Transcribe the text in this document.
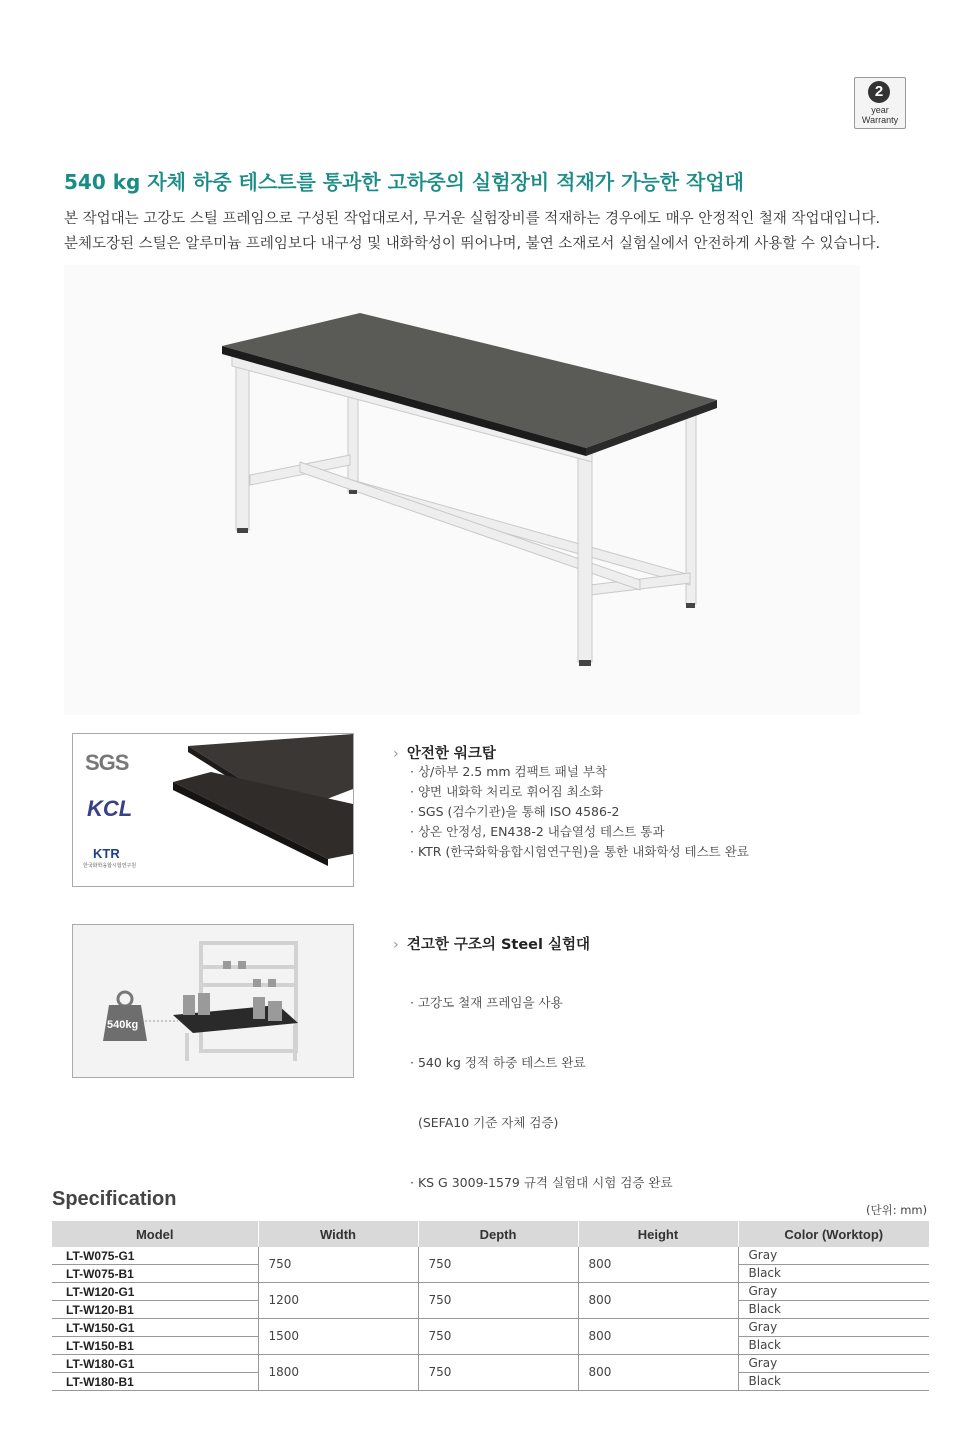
2
year
Warranty
540 kg 자체 하중 테스트를 통과한 고하중의 실험장비 적재가 가능한 작업대
본 작업대는 고강도 스틸 프레임으로 구성된 작업대로서, 무거운 실험장비를 적재하는 경우에도 매우 안정적인 철재 작업대입니다.
분체도장된 스틸은 알루미늄 프레임보다 내구성 및 내화학성이 뛰어나며, 불연 소재로서 실험실에서 안전하게 사용할 수 있습니다.
SGS
KCL
KTR
한국화학융합시험연구원
› 안전한 워크탑
· 상/하부 2.5 mm 컴팩트 패널 부착
· 양면 내화학 처리로 휘어짐 최소화
· SGS (검수기관)을 통해 ISO 4586-2
· 상온 안정성, EN438-2 내습열성 테스트 통과
· KTR (한국화학융합시험연구원)을 통한 내화학성 테스트 완료
540kg
› 견고한 구조의 Steel 실험대

· 고강도 철재 프레임을 사용

· 540 kg 정적 하중 테스트 완료

(SEFA10 기준 자체 검증)

· KS G 3009-1579 규격 실험대 시험 검증 완료

Specification	(단위: mm)
Model	Width	Depth	Height	Color (Worktop)
LT-W075-G1	750	750	800	Gray
LT-W075-B1				Black
LT-W120-G1	1200	750	800	Gray
LT-W120-B1				Black
LT-W150-G1	1500	750	800	Gray
LT-W150-B1				Black
LT-W180-G1	1800	750	800	Gray
LT-W180-B1				Black
